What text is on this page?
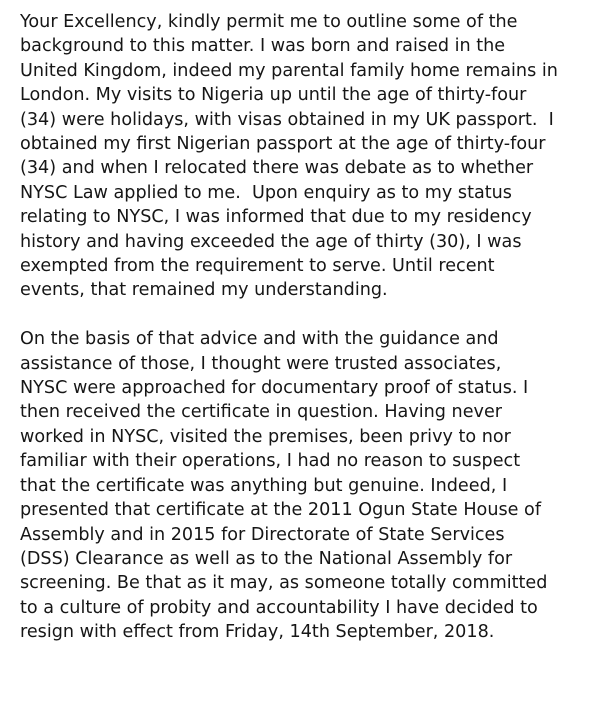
Your Excellency, kindly permit me to outline some of the
background to this matter. I was born and raised in the
United Kingdom, indeed my parental family home remains in
London. My visits to Nigeria up until the age of thirty-four
(34) were holidays, with visas obtained in my UK passport.  I
obtained my first Nigerian passport at the age of thirty-four
(34) and when I relocated there was debate as to whether
NYSC Law applied to me.  Upon enquiry as to my status
relating to NYSC, I was informed that due to my residency
history and having exceeded the age of thirty (30), I was
exempted from the requirement to serve. Until recent
events, that remained my understanding.

On the basis of that advice and with the guidance and
assistance of those, I thought were trusted associates,
NYSC were approached for documentary proof of status. I
then received the certificate in question. Having never
worked in NYSC, visited the premises, been privy to nor
familiar with their operations, I had no reason to suspect
that the certificate was anything but genuine. Indeed, I
presented that certificate at the 2011 Ogun State House of
Assembly and in 2015 for Directorate of State Services
(DSS) Clearance as well as to the National Assembly for
screening. Be that as it may, as someone totally committed
to a culture of probity and accountability I have decided to
resign with effect from Friday, 14th September, 2018.
